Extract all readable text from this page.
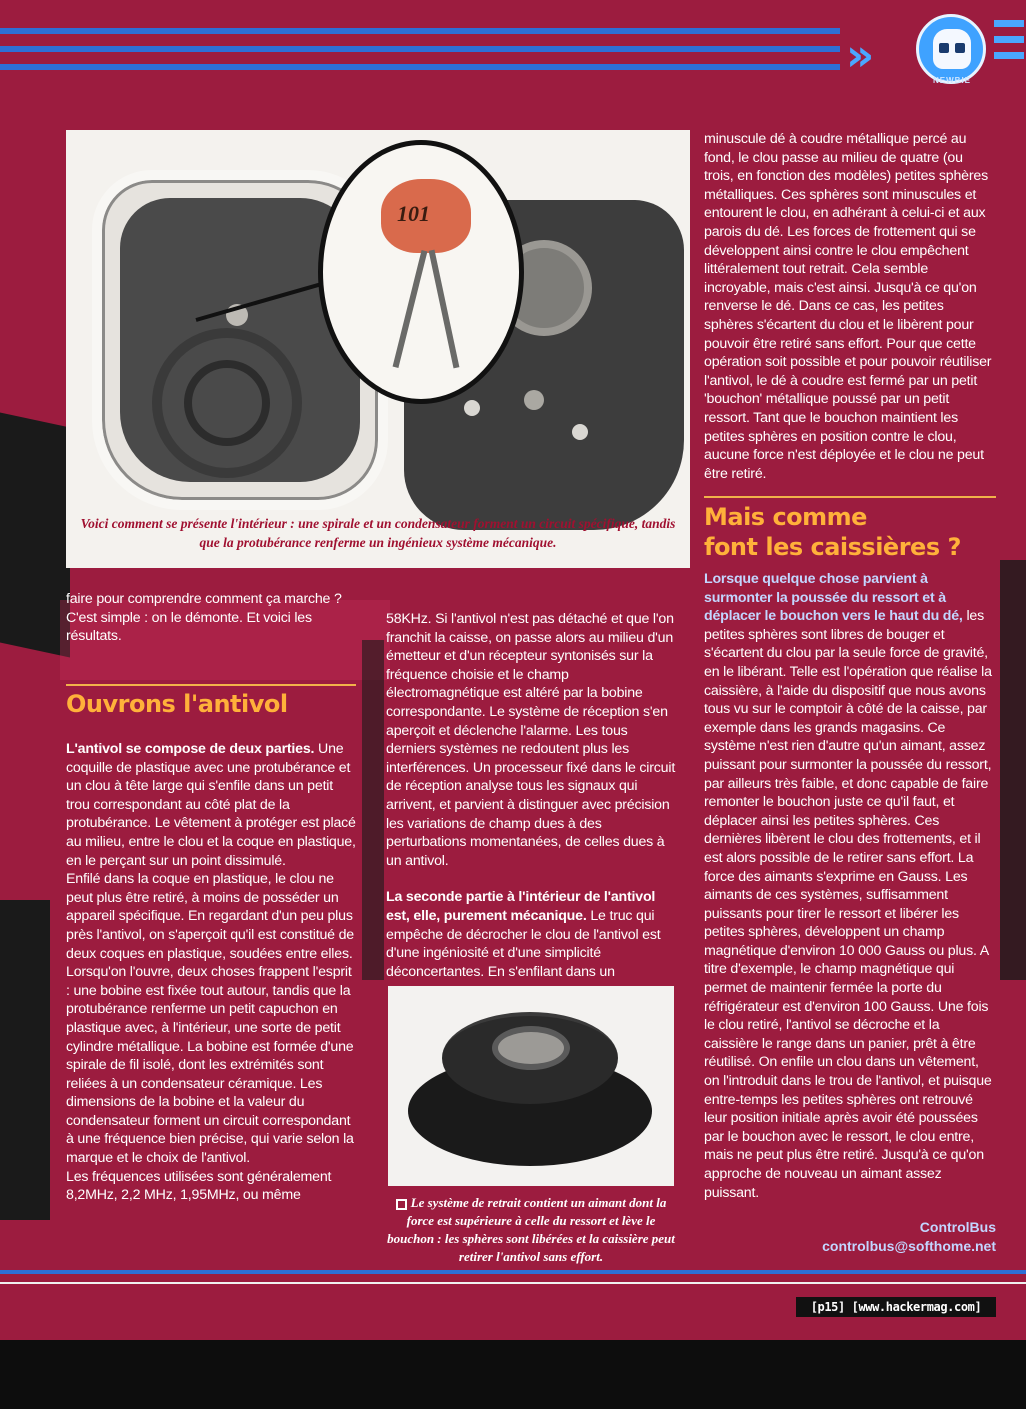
››	NEWBIE
101
Voici comment se présente l'intérieur : une spirale et un condensateur forment un circuit spécifique, tandis que la protubérance renferme un ingénieux système mécanique.

faire pour comprendre comment ça marche ?

C'est simple : on le démonte. Et voici les résultats.

Ouvrons l'antivol

L'antivol se compose de deux parties. Une coquille de plastique avec une protubérance et un clou à tête large qui s'enfile dans un petit trou correspondant au côté plat de la protubérance. Le vêtement à protéger est placé au milieu, entre le clou et la coque en plastique, en le perçant sur un point dissimulé.

Enfilé dans la coque en plastique, le clou ne peut plus être retiré, à moins de posséder un appareil spécifique. En regardant d'un peu plus près l'antivol, on s'aperçoit qu'il est constitué de deux coques en plastique, soudées entre elles. Lorsqu'on l'ouvre, deux choses frappent l'esprit : une bobine est fixée tout autour, tandis que la protubérance renferme un petit capuchon en plastique avec, à l'intérieur, une sorte de petit cylindre métallique. La bobine est formée d'une spirale de fil isolé, dont les extrémités sont reliées à un condensateur céramique. Les dimensions de la bobine et la valeur du condensateur forment un circuit correspondant à une fréquence bien précise, qui varie selon la marque et le choix de l'antivol.

Les fréquences utilisées sont généralement 8,2MHz, 2,2 MHz, 1,95MHz, ou même

58KHz. Si l'antivol n'est pas détaché et que l'on franchit la caisse, on passe alors au milieu d'un émetteur et d'un récepteur syntonisés sur la fréquence choisie et le champ électromagnétique est altéré par la bobine correspondante. Le système de réception s'en aperçoit et déclenche l'alarme. Les tous derniers systèmes ne redoutent plus les interférences. Un processeur fixé dans le circuit de réception analyse tous les signaux qui arrivent, et parvient à distinguer avec précision les variations de champ dues à des perturbations momentanées, de celles dues à un antivol.

La seconde partie à l'intérieur de l'antivol est, elle, purement mécanique. Le truc qui empêche de décrocher le clou de l'antivol est d'une ingéniosité et d'une simplicité déconcertantes. En s'enfilant dans un

Le système de retrait contient un aimant dont la force est supérieure à celle du ressort et lève le bouchon : les sphères sont libérées et la caissière peut retirer l'antivol sans effort.

minuscule dé à coudre métallique percé au fond, le clou passe au milieu de quatre (ou trois, en fonction des modèles) petites sphères métalliques. Ces sphères sont minuscules et entourent le clou, en adhérant à celui-ci et aux parois du dé. Les forces de frottement qui se développent ainsi contre le clou empêchent littéralement tout retrait. Cela semble incroyable, mais c'est ainsi. Jusqu'à ce qu'on renverse le dé. Dans ce cas, les petites sphères s'écartent du clou et le libèrent pour pouvoir être retiré sans effort. Pour que cette opération soit possible et pour pouvoir réutiliser l'antivol, le dé à coudre est fermé par un petit 'bouchon' métallique poussé par un petit ressort. Tant que le bouchon maintient les petites sphères en position contre le clou, aucune force n'est déployée et le clou ne peut être retiré.

Mais comme
font les caissières ?

Lorsque quelque chose parvient à surmonter la poussée du ressort et à déplacer le bouchon vers le haut du dé, les petites sphères sont libres de bouger et s'écartent du clou par la seule force de gravité, en le libérant. Telle est l'opération que réalise la caissière, à l'aide du dispositif que nous avons tous vu sur le comptoir à côté de la caisse, par exemple dans les grands magasins. Ce système n'est rien d'autre qu'un aimant, assez puissant pour surmonter la poussée du ressort, par ailleurs très faible, et donc capable de faire remonter le bouchon juste ce qu'il faut, et déplacer ainsi les petites sphères. Ces dernières libèrent le clou des frottements, et il est alors possible de le retirer sans effort. La force des aimants s'exprime en Gauss. Les aimants de ces systèmes, suffisamment puissants pour tirer le ressort et libérer les petites sphères, développent un champ magnétique d'environ 10 000 Gauss ou plus. A titre d'exemple, le champ magnétique qui permet de maintenir fermée la porte du réfrigérateur est d'environ 100 Gauss. Une fois le clou retiré, l'antivol se décroche et la caissière le range dans un panier, prêt à être réutilisé. On enfile un clou dans un vêtement, on l'introduit dans le trou de l'antivol, et puisque entre-temps les petites sphères ont retrouvé leur position initiale après avoir été poussées par le bouchon avec le ressort, le clou entre, mais ne peut plus être retiré. Jusqu'à ce qu'on approche de nouveau un aimant assez puissant.

ControlBus
controlbus@softhome.net
[p15] [www.hackermag.com]
